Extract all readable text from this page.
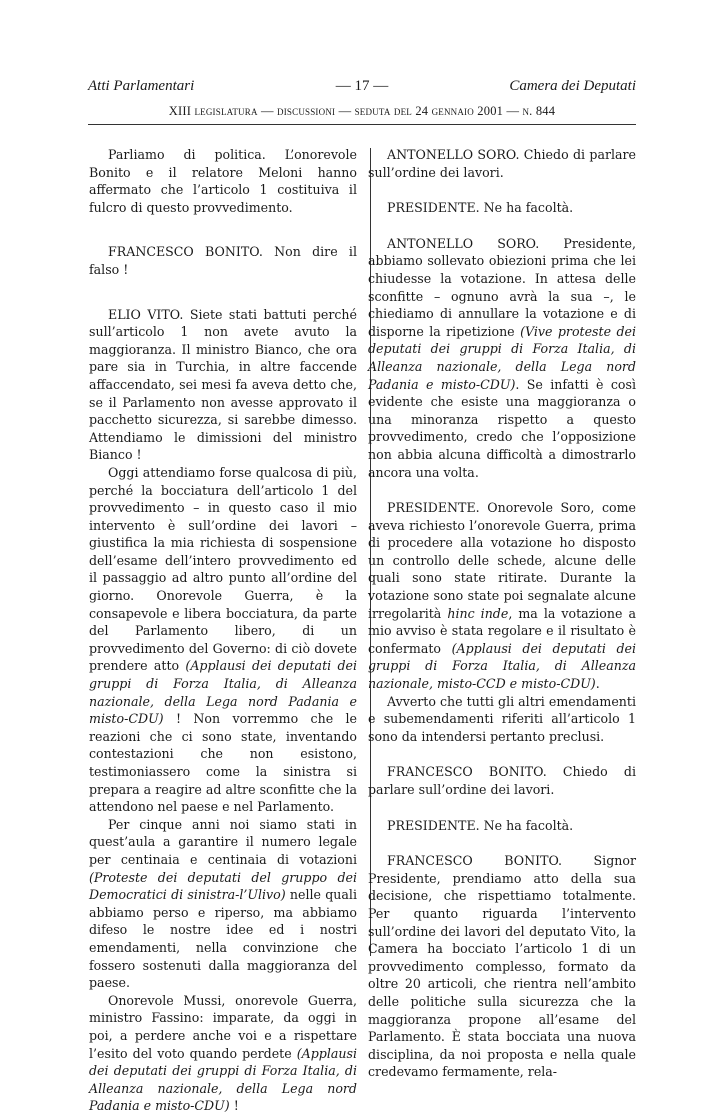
Atti Parlamentari	— 17 —	Camera dei Deputati
XIII legislatura — discussioni — seduta del 24 gennaio 2001 — n. 844

Parliamo di politica. L’onorevole Bonito e il relatore Meloni hanno affermato che l’articolo 1 costituiva il fulcro di questo provvedimento.

FRANCESCO BONITO. Non dire il falso !

ELIO VITO. Siete stati battuti perché sull’articolo 1 non avete avuto la maggioranza. Il ministro Bianco, che ora pare sia in Turchia, in altre faccende affaccendato, sei mesi fa aveva detto che, se il Parlamento non avesse approvato il pacchetto sicurezza, si sarebbe dimesso. Attendiamo le dimissioni del ministro Bianco !

Oggi attendiamo forse qualcosa di più, perché la bocciatura dell’articolo 1 del provvedimento – in questo caso il mio intervento è sull’ordine dei lavori – giustifica la mia richiesta di sospensione dell’esame dell’intero provvedimento ed il passaggio ad altro punto all’ordine del giorno. Onorevole Guerra, è la consapevole e libera bocciatura, da parte del Parlamento libero, di un provvedimento del Governo: di ciò dovete prendere atto (Applausi dei deputati dei gruppi di Forza Italia, di Alleanza nazionale, della Lega nord Padania e misto-CDU) ! Non vorremmo che le reazioni che ci sono state, inventando contestazioni che non esistono, testimoniassero come la sinistra si prepara a reagire ad altre sconfitte che la attendono nel paese e nel Parlamento.

Per cinque anni noi siamo stati in quest’aula a garantire il numero legale per centinaia e centinaia di votazioni (Proteste dei deputati del gruppo dei Democratici di sinistra-l’Ulivo) nelle quali abbiamo perso e riperso, ma abbiamo difeso le nostre idee ed i nostri emendamenti, nella convinzione che fossero sostenuti dalla maggioranza del paese.

Onorevole Mussi, onorevole Guerra, ministro Fassino: imparate, da oggi in poi, a perdere anche voi e a rispettare l’esito del voto quando perdete (Applausi dei deputati dei gruppi di Forza Italia, di Alleanza nazionale, della Lega nord Padania e misto-CDU) !

ANTONELLO SORO. Chiedo di parlare sull’ordine dei lavori.

PRESIDENTE. Ne ha facoltà.

ANTONELLO SORO. Presidente, abbiamo sollevato obiezioni prima che lei chiudesse la votazione. In attesa delle sconfitte – ognuno avrà la sua –, le chiediamo di annullare la votazione e di disporne la ripetizione (Vive proteste dei deputati dei gruppi di Forza Italia, di Alleanza nazionale, della Lega nord Padania e misto-CDU). Se infatti è così evidente che esiste una maggioranza o una minoranza rispetto a questo provvedimento, credo che l’opposizione non abbia alcuna difficoltà a dimostrarlo ancora una volta.

PRESIDENTE. Onorevole Soro, come aveva richiesto l’onorevole Guerra, prima di procedere alla votazione ho disposto un controllo delle schede, alcune delle quali sono state ritirate. Durante la votazione sono state poi segnalate alcune irregolarità hinc inde, ma la votazione a mio avviso è stata regolare e il risultato è confermato (Applausi dei deputati dei gruppi di Forza Italia, di Alleanza nazionale, misto-CCD e misto-CDU).

Avverto che tutti gli altri emendamenti e subemendamenti riferiti all’articolo 1 sono da intendersi pertanto preclusi.

FRANCESCO BONITO. Chiedo di parlare sull’ordine dei lavori.

PRESIDENTE. Ne ha facoltà.

FRANCESCO BONITO. Signor Presidente, prendiamo atto della sua decisione, che rispettiamo totalmente. Per quanto riguarda l’intervento sull’ordine dei lavori del deputato Vito, la Camera ha bocciato l’articolo 1 di un provvedimento complesso, formato da oltre 20 articoli, che rientra nell’ambito delle politiche sulla sicurezza che la maggioranza propone all’esame del Parlamento. È stata bocciata una nuova disciplina, da noi proposta e nella quale credevamo fermamente, rela-
